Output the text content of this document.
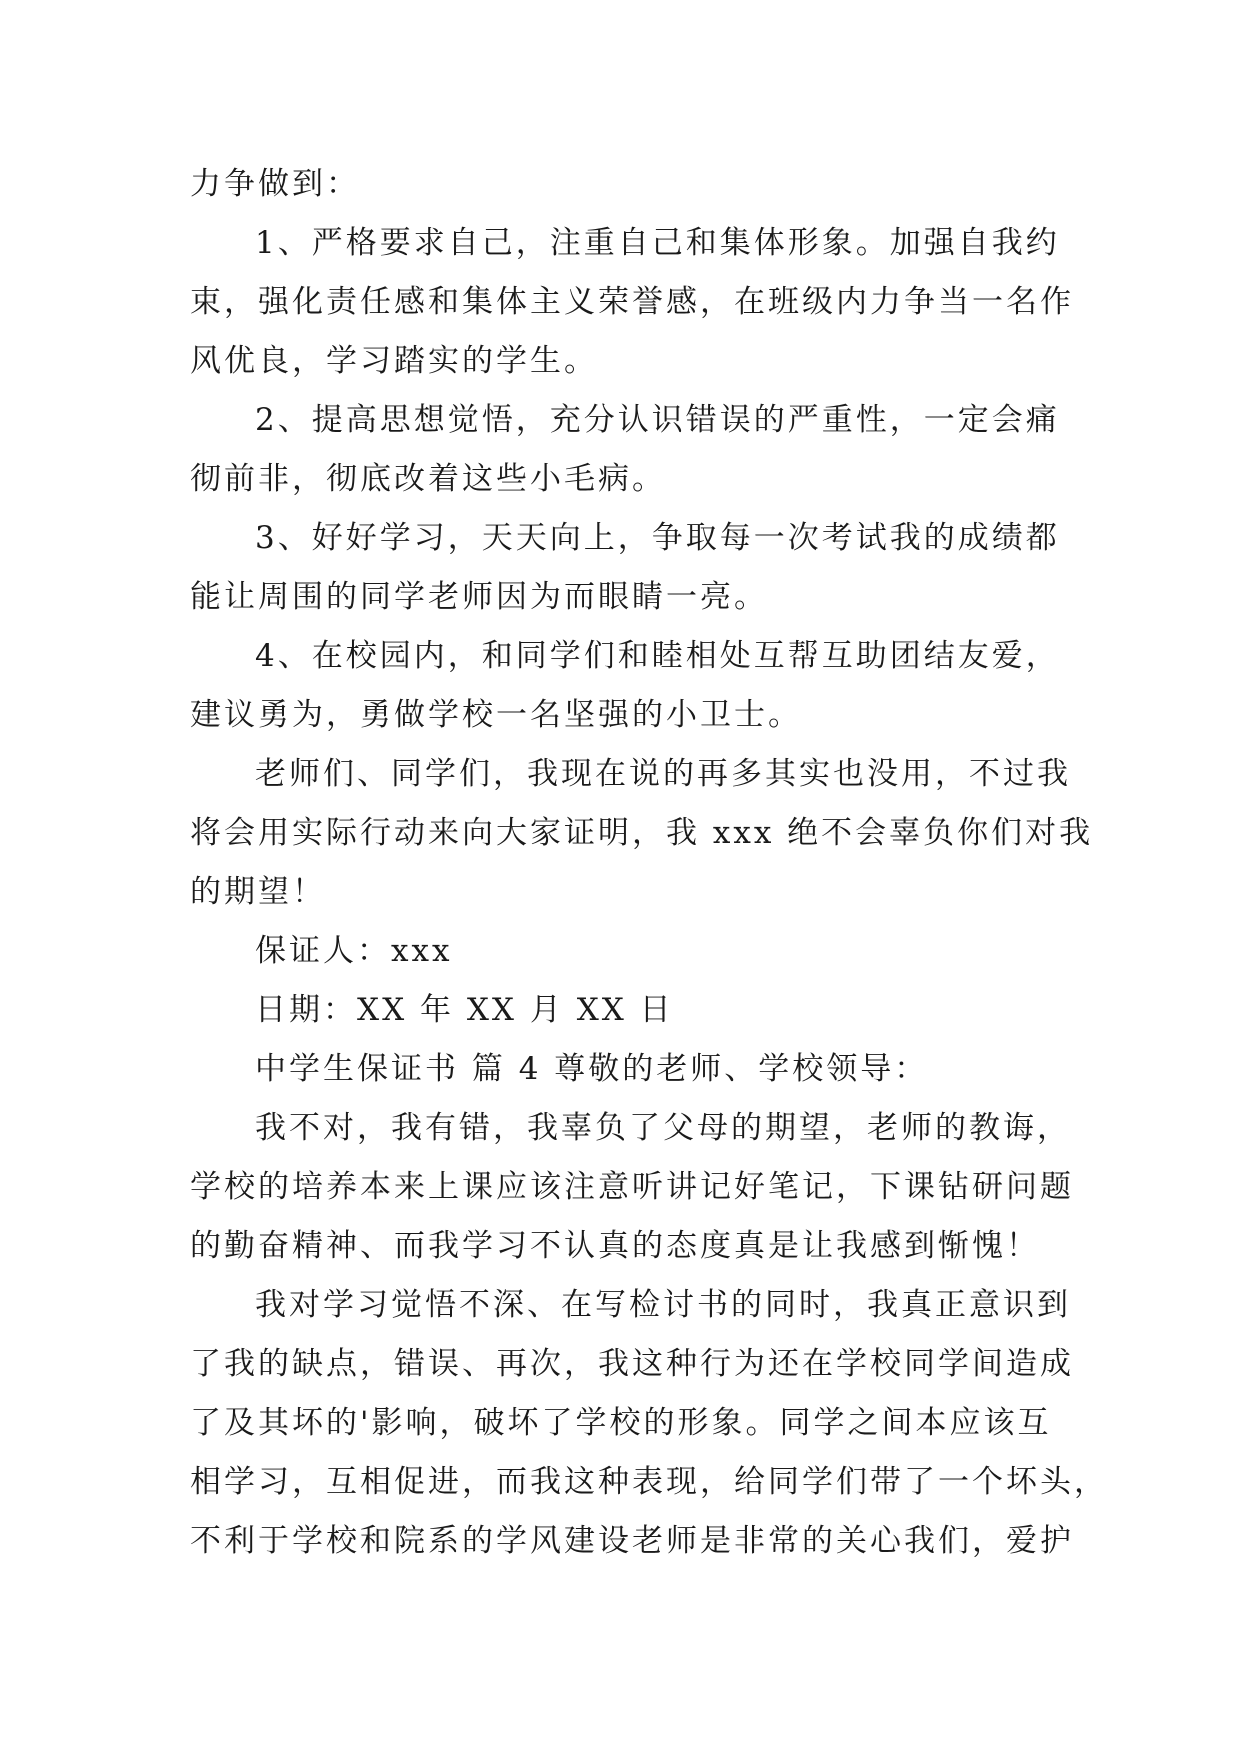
力争做到：
1、严格要求自己，注重自己和集体形象。加强自我约
束，强化责任感和集体主义荣誉感，在班级内力争当一名作
风优良，学习踏实的学生。
2、提高思想觉悟，充分认识错误的严重性，一定会痛
彻前非，彻底改着这些小毛病。
3、好好学习，天天向上，争取每一次考试我的成绩都
能让周围的同学老师因为而眼睛一亮。
4、在校园内，和同学们和睦相处互帮互助团结友爱，
建议勇为，勇做学校一名坚强的小卫士。
老师们、同学们，我现在说的再多其实也没用，不过我
将会用实际行动来向大家证明，我 xxx 绝不会辜负你们对我
的期望！
保证人：xxx
日期：XX 年 XX 月 XX 日
中学生保证书 篇 4 尊敬的老师、学校领导：
我不对，我有错，我辜负了父母的期望，老师的教诲，
学校的培养本来上课应该注意听讲记好笔记，下课钻研问题
的勤奋精神、而我学习不认真的态度真是让我感到惭愧！
我对学习觉悟不深、在写检讨书的同时，我真正意识到
了我的缺点，错误、再次，我这种行为还在学校同学间造成
了及其坏的'影响，破坏了学校的形象。同学之间本应该互
相学习，互相促进，而我这种表现，给同学们带了一个坏头，
不利于学校和院系的学风建设老师是非常的关心我们，爱护
